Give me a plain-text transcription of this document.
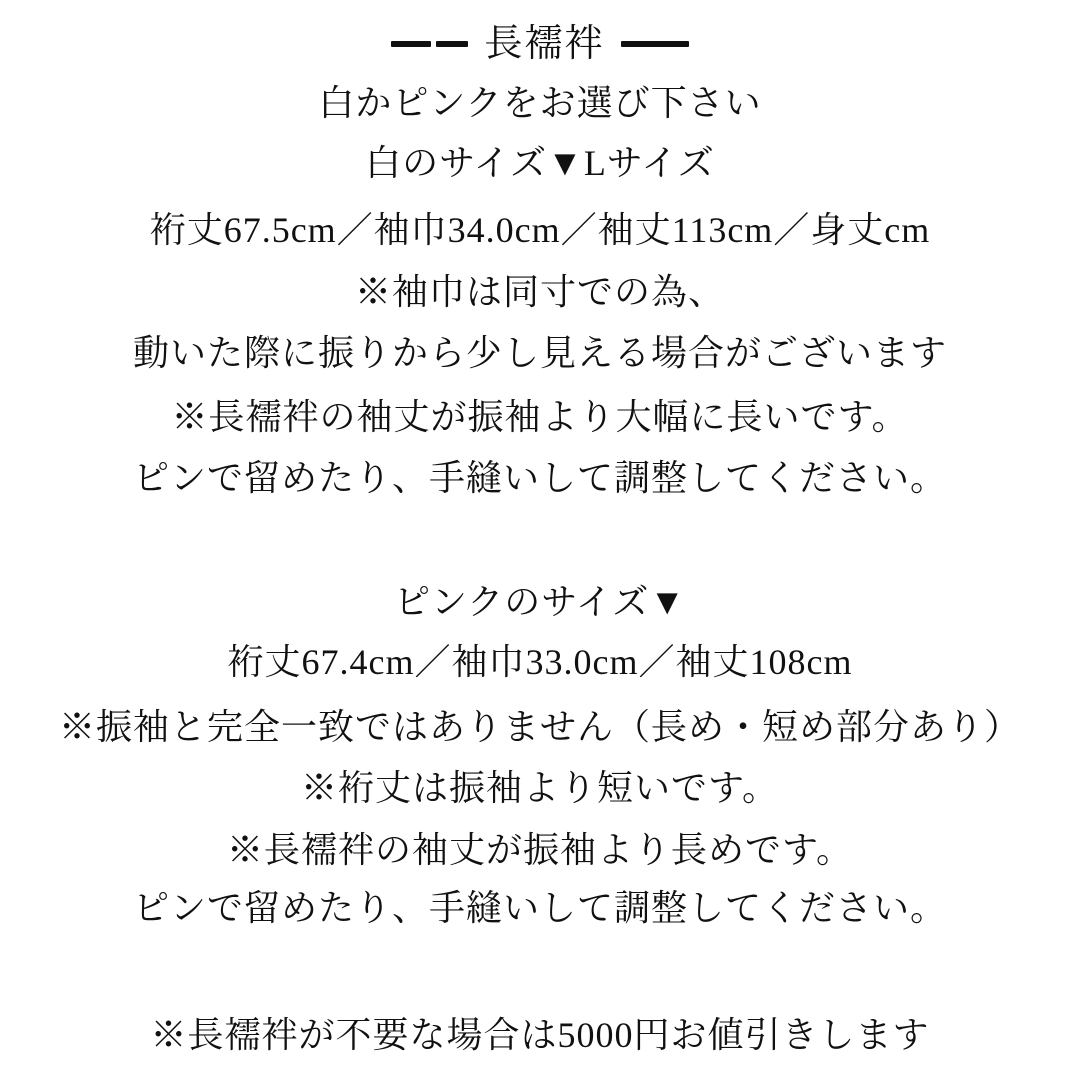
長襦袢
白かピンクをお選び下さい
白のサイズ▼Lサイズ
裄丈67.5cm／袖巾34.0cm／袖丈113cm／身丈cm
※袖巾は同寸での為、
動いた際に振りから少し見える場合がございます
※長襦袢の袖丈が振袖より大幅に長いです。
ピンで留めたり、手縫いして調整してください。
ピンクのサイズ▼
裄丈67.4cm／袖巾33.0cm／袖丈108cm
※振袖と完全一致ではありません（長め・短め部分あり）
※裄丈は振袖より短いです。
※長襦袢の袖丈が振袖より長めです。
ピンで留めたり、手縫いして調整してください。
※長襦袢が不要な場合は5000円お値引きします
